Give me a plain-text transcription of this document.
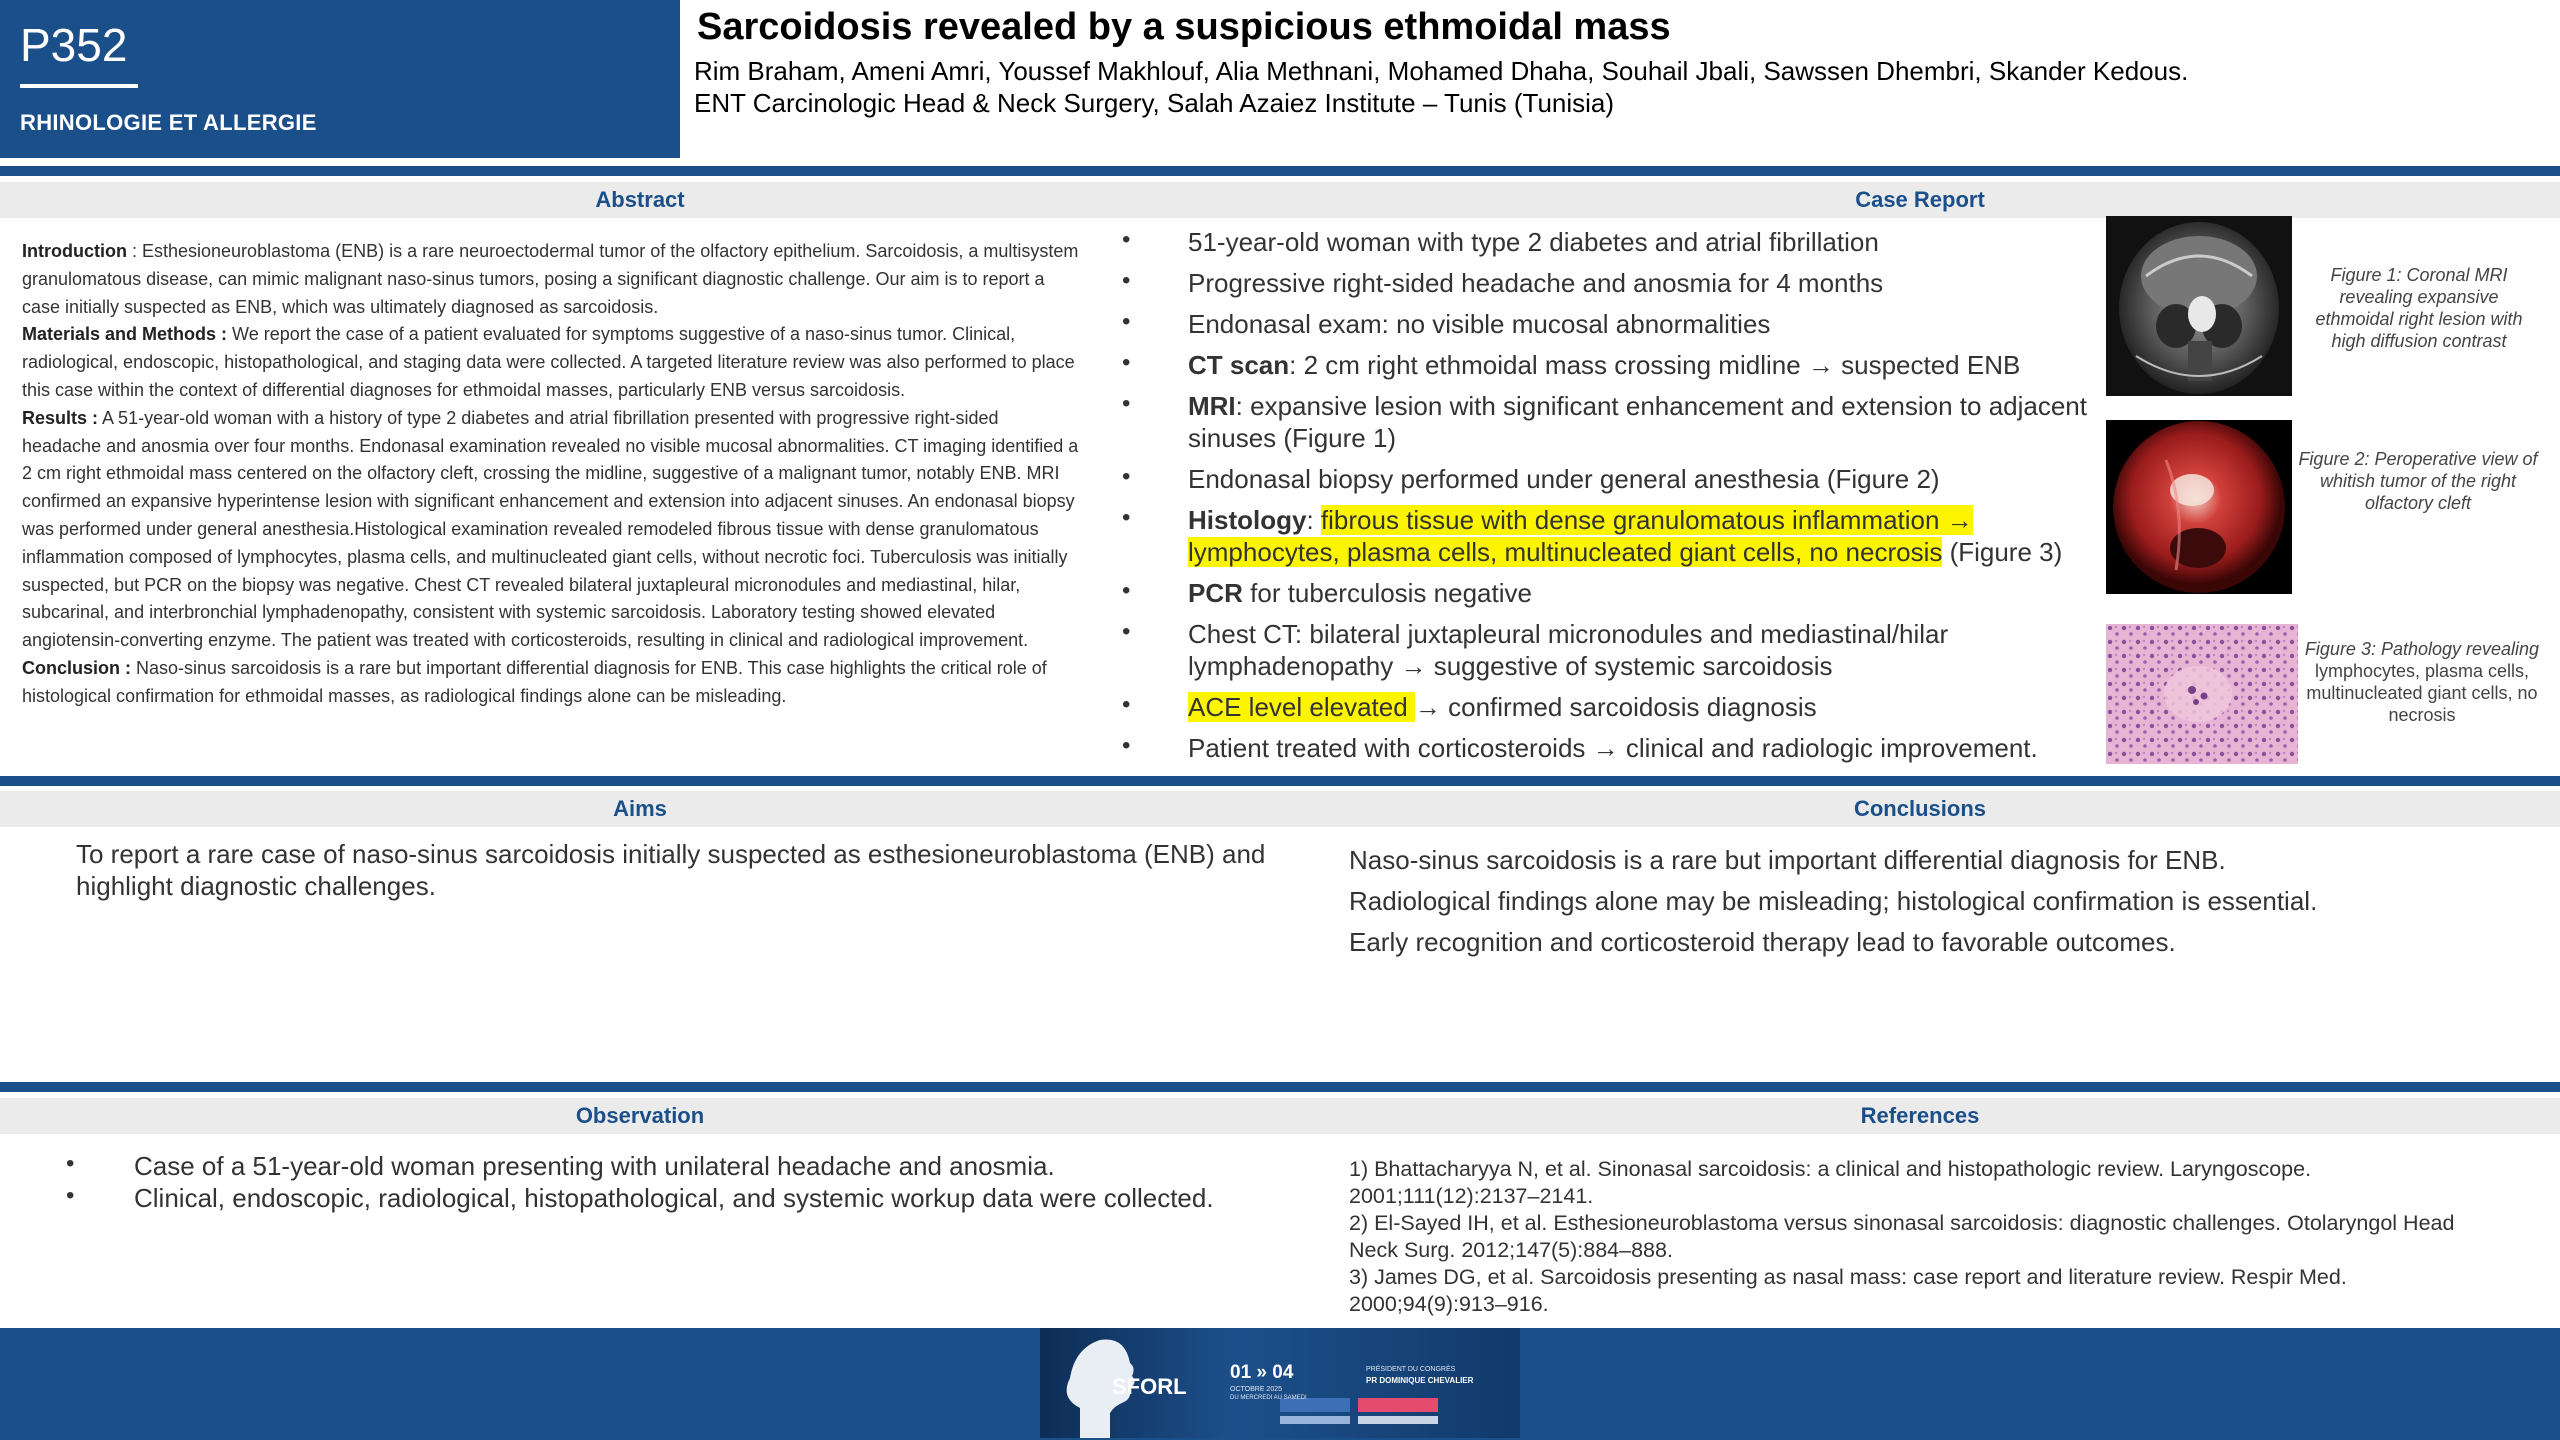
P352
RHINOLOGIE ET ALLERGIE
Sarcoidosis revealed by a suspicious ethmoidal mass
Rim Braham, Ameni Amri, Youssef Makhlouf, Alia Methnani, Mohamed Dhaha, Souhail Jbali, Sawssen Dhembri, Skander Kedous.
ENT Carcinologic Head & Neck Surgery, Salah Azaiez Institute – Tunis (Tunisia)
Abstract	Case Report

Introduction : Esthesioneuroblastoma (ENB) is a rare neuroectodermal tumor of the olfactory epithelium. Sarcoidosis, a multisystem granulomatous disease, can mimic malignant naso-sinus tumors, posing a significant diagnostic challenge. Our aim is to report a case initially suspected as ENB, which was ultimately diagnosed as sarcoidosis.

Materials and Methods : We report the case of a patient evaluated for symptoms suggestive of a naso-sinus tumor. Clinical, radiological, endoscopic, histopathological, and staging data were collected. A targeted literature review was also performed to place this case within the context of differential diagnoses for ethmoidal masses, particularly ENB versus sarcoidosis.

Results : A 51-year-old woman with a history of type 2 diabetes and atrial fibrillation presented with progressive right-sided headache and anosmia over four months. Endonasal examination revealed no visible mucosal abnormalities. CT imaging identified a 2 cm right ethmoidal mass centered on the olfactory cleft, crossing the midline, suggestive of a malignant tumor, notably ENB. MRI confirmed an expansive hyperintense lesion with significant enhancement and extension into adjacent sinuses. An endonasal biopsy was performed under general anesthesia.Histological examination revealed remodeled fibrous tissue with dense granulomatous inflammation composed of lymphocytes, plasma cells, and multinucleated giant cells, without necrotic foci. Tuberculosis was initially suspected, but PCR on the biopsy was negative. Chest CT revealed bilateral juxtapleural micronodules and mediastinal, hilar, subcarinal, and interbronchial lymphadenopathy, consistent with systemic sarcoidosis. Laboratory testing showed elevated angiotensin-converting enzyme. The patient was treated with corticosteroids, resulting in clinical and radiological improvement.

Conclusion : Naso-sinus sarcoidosis is a rare but important differential diagnosis for ENB. This case highlights the critical role of histological confirmation for ethmoidal masses, as radiological findings alone can be misleading.

• 51-year-old woman with type 2 diabetes and atrial fibrillation
• Progressive right-sided headache and anosmia for 4 months
• Endonasal exam: no visible mucosal abnormalities
• CT scan: 2 cm right ethmoidal mass crossing midline → suspected ENB
• MRI: expansive lesion with significant enhancement and extension to adjacent sinuses (Figure 1)
• Endonasal biopsy performed under general anesthesia (Figure 2)
• Histology: fibrous tissue with dense granulomatous inflammation → lymphocytes, plasma cells, multinucleated giant cells, no necrosis (Figure 3)
• PCR for tuberculosis negative
• Chest CT: bilateral juxtapleural micronodules and mediastinal/hilar lymphadenopathy → suggestive of systemic sarcoidosis
• ACE level elevated → confirmed sarcoidosis diagnosis
• Patient treated with corticosteroids → clinical and radiologic improvement.
Figure 1: Coronal MRI revealing expansive ethmoidal right lesion with high diffusion contrast
Figure 2: Peroperative view of whitish tumor of the right olfactory cleft
Figure 3: Pathology revealing lymphocytes, plasma cells, multinucleated giant cells, no necrosis
Aims	Conclusions
To report a rare case of naso-sinus sarcoidosis initially suspected as esthesioneuroblastoma (ENB) and highlight diagnostic challenges.
Naso-sinus sarcoidosis is a rare but important differential diagnosis for ENB.
Radiological findings alone may be misleading; histological confirmation is essential.
Early recognition and corticosteroid therapy lead to favorable outcomes.
Observation	References
• Case of a 51-year-old woman presenting with unilateral headache and anosmia.
• Clinical, endoscopic, radiological, histopathological, and systemic workup data were collected.

1) Bhattacharyya N, et al. Sinonasal sarcoidosis: a clinical and histopathologic review. Laryngoscope. 2001;111(12):2137–2141.

2) El-Sayed IH, et al. Esthesioneuroblastoma versus sinonasal sarcoidosis: diagnostic challenges. Otolaryngol Head Neck Surg. 2012;147(5):884–888.

3) James DG, et al. Sarcoidosis presenting as nasal mass: case report and literature review. Respir Med. 2000;94(9):913–916.

SFORL
01 » 04
OCTOBRE 2025
DU MERCREDI AU SAMEDI
PRÉSIDENT DU CONGRÈS
PR DOMINIQUE CHEVALIER
